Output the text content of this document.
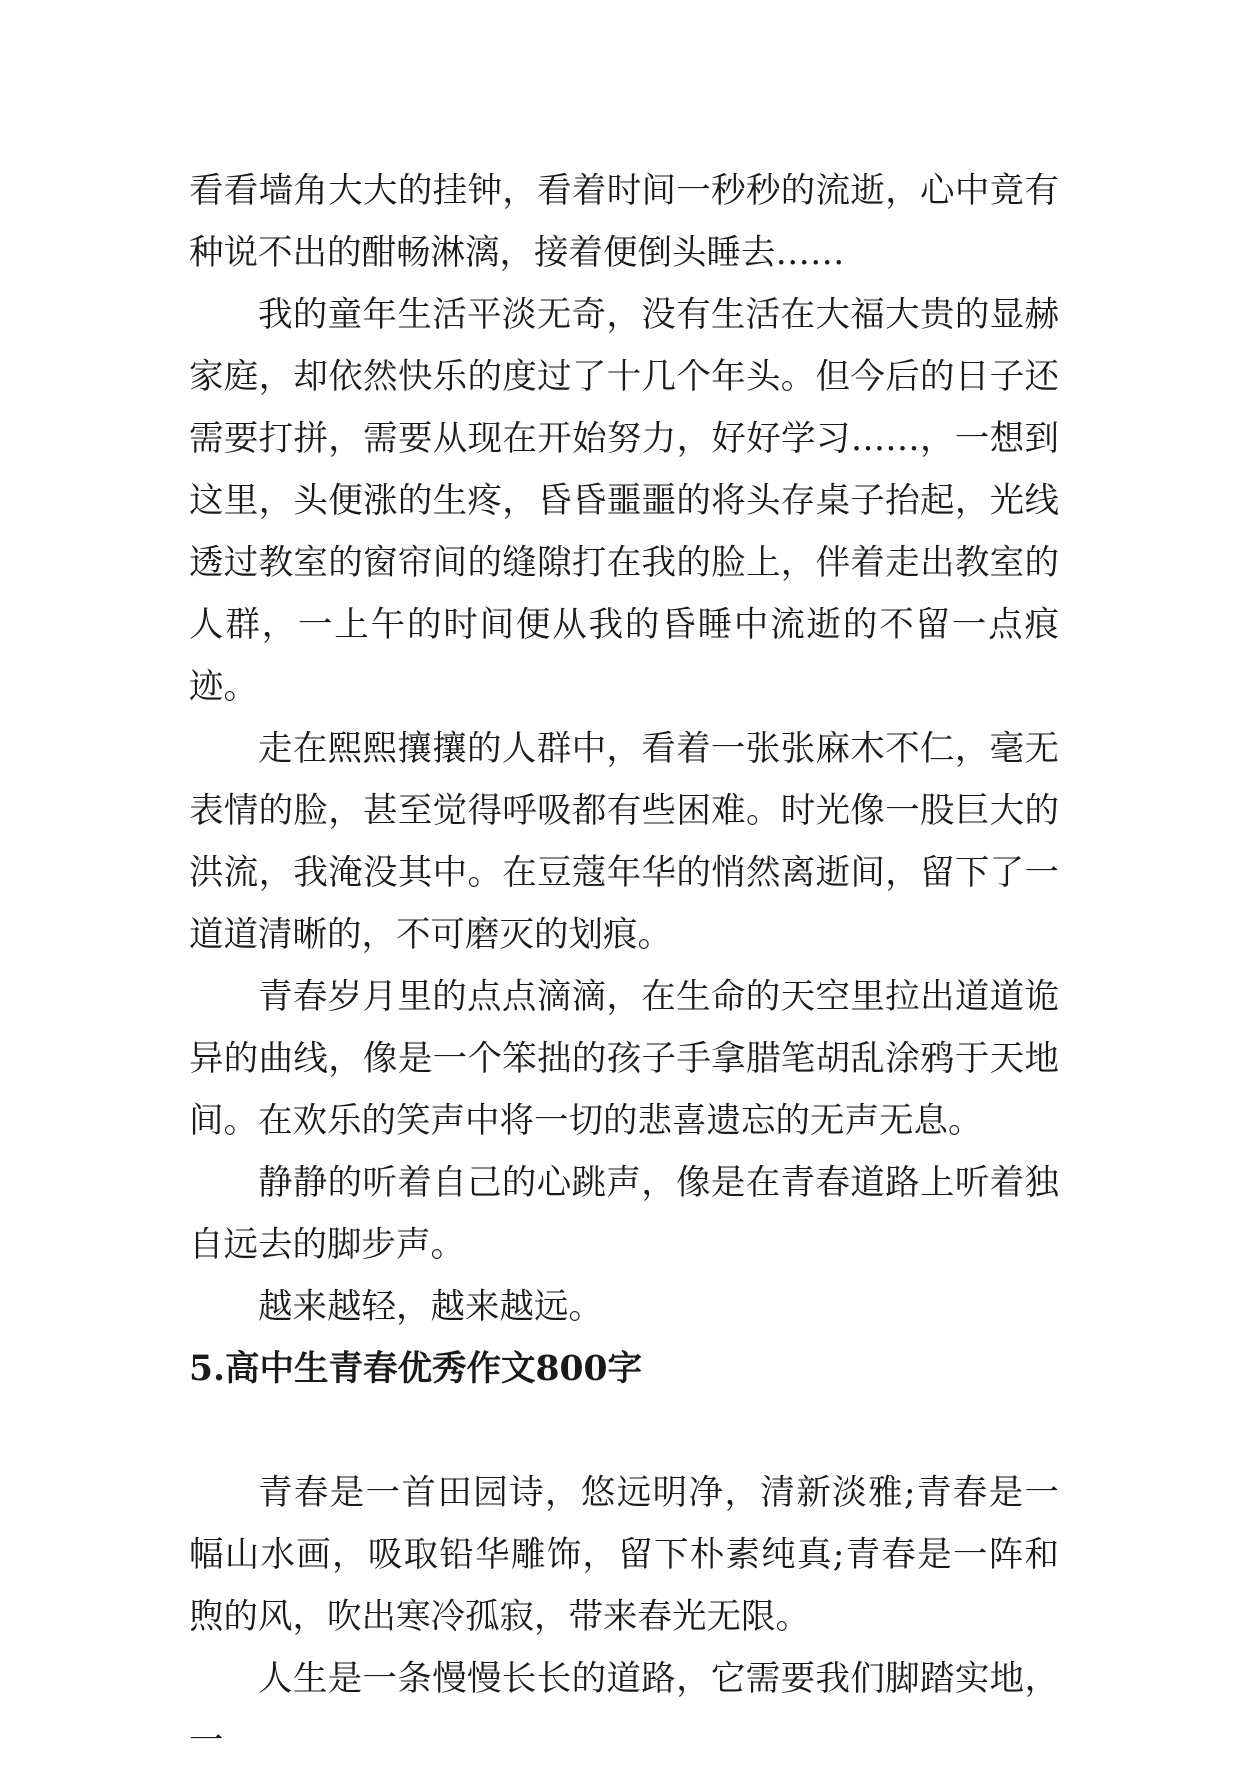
看看墙角大大的挂钟，看着时间一秒秒的流逝，心中竟有种说不出的酣畅淋漓，接着便倒头睡去……

我的童年生活平淡无奇，没有生活在大福大贵的显赫家庭，却依然快乐的度过了十几个年头。但今后的日子还需要打拼，需要从现在开始努力，好好学习……，一想到这里，头便涨的生疼，昏昏噩噩的将头存桌子抬起，光线透过教室的窗帘间的缝隙打在我的脸上，伴着走出教室的人群，一上午的时间便从我的昏睡中流逝的不留一点痕迹。

走在熙熙攘攘的人群中，看着一张张麻木不仁，毫无表情的脸，甚至觉得呼吸都有些困难。时光像一股巨大的洪流，我淹没其中。在豆蔻年华的悄然离逝间，留下了一道道清晰的，不可磨灭的划痕。

青春岁月里的点点滴滴，在生命的天空里拉出道道诡异的曲线，像是一个笨拙的孩子手拿腊笔胡乱涂鸦于天地间。在欢乐的笑声中将一切的悲喜遗忘的无声无息。

静静的听着自己的心跳声，像是在青春道路上听着独自远去的脚步声。

越来越轻，越来越远。

5.高中生青春优秀作文800字

青春是一首田园诗，悠远明净，清新淡雅;青春是一幅山水画，吸取铅华雕饰，留下朴素纯真;青春是一阵和煦的风，吹出寒冷孤寂，带来春光无限。

人生是一条慢慢长长的道路，它需要我们脚踏实地，一
